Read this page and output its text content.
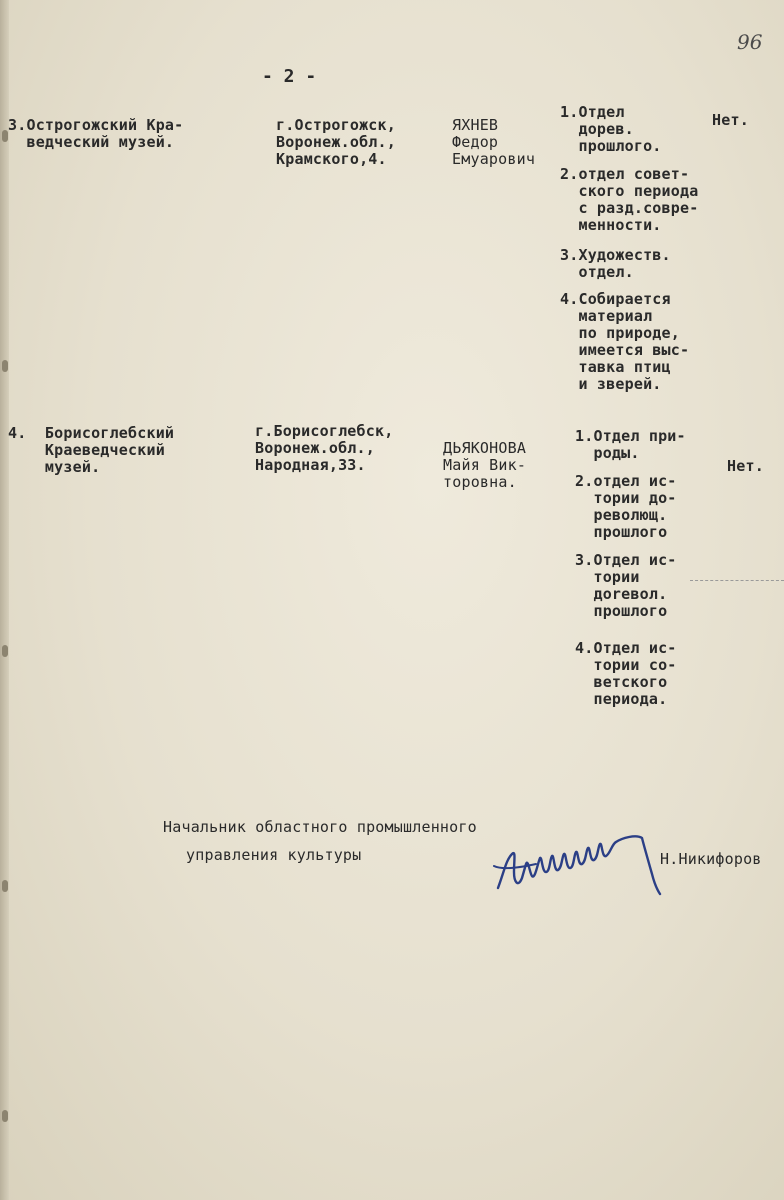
96
- 2 -
3.Острогожский Кра-
ведческий музей.
г.Острогожск,
Воронеж.обл.,
Крамского,4.
ЯХНЕВ
Федор
Емуарович
1.Отдел
дорев.
прошлого.
2.отдел совет-
ского периода
с разд.совре-
менности.
3.Художеств.
отдел.
4.Собирается
материал
по природе,
имеется выс-
тавка птиц
и зверей.
Нет.
4.  Борисоглебский
Краеведческий
музей.
г.Борисоглебск,
Воронеж.обл.,
Народная,33.
ДЬЯКОНОВА
Майя Вик-
торовна.
1.Отдел при-
роды.
2.отдел ис-
тории до-
револющ.
прошлого
3.Отдел ис-
тории
дorевол.
прошлого
4.Отдел ис-
тории со-
ветского
периода.
Нет.
Начальник областного промышленного
управления культуры	Н.Никифоров
